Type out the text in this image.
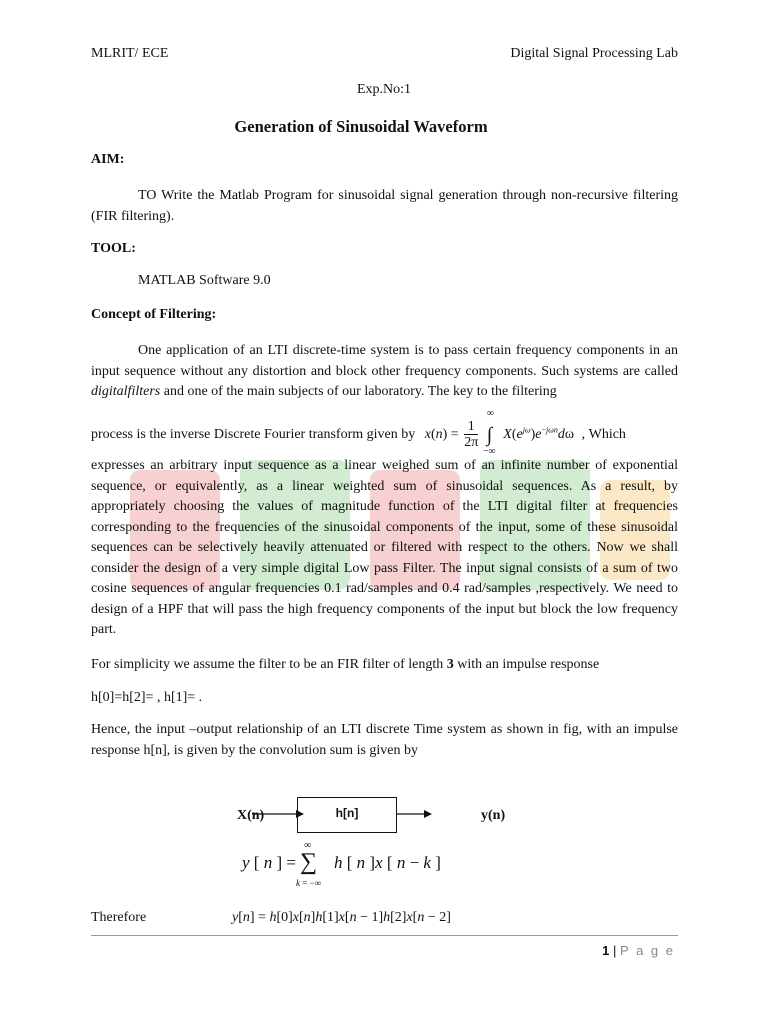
MLRIT/ ECE	Digital Signal Processing Lab
Exp.No:1
Generation of Sinusoidal Waveform
AIM:
TO Write the Matlab Program for sinusoidal signal generation through non-recursive filtering (FIR filtering).
TOOL:
MATLAB Software 9.0
Concept of Filtering:
One application of an LTI discrete-time system is to pass certain frequency components in an input sequence without any distortion and block other frequency components. Such systems are called digitalfilters and one of the main subjects of our laboratory. The key to the filtering
process is the inverse Discrete Fourier transform given by $x(n) = \frac{1}{2\pi}$ ∫
∞
−∞
$X(e^{j\omega})e^{-j\omega n}d\omega$ , Which
expresses an arbitrary input sequence as a linear weighed sum of an infinite number of exponential sequence, or equivalently, as a linear weighted sum of sinusoidal sequences. As a result, by appropriately choosing the values of magnitude function of the LTI digital filter at frequencies corresponding to the frequencies of the sinusoidal components of the input, some of these sinusoidal sequences can be selectively heavily attenuated or filtered with respect to the others. Now we shall consider the design of a very simple digital Low pass Filter. The input signal consists of a sum of two cosine sequences of angular frequencies 0.1 rad/samples and 0.4 rad/samples ,respectively. We need to design of a HPF that will pass the high frequency components of the input but block the low frequency part.
For simplicity we assume the filter to be an FIR filter of length 3 with an impulse response
h[0]=h[2]= , h[1]= .
Hence, the input –output relationship of an LTI discrete Time system as shown in fig, with an impulse response h[n], is given by the convolution sum is given by
X(n)	h[n]	y(n)
y [ n ] =
∞
∑
k = −∞
h [ n ]x [ n − k ]
Therefore	y[n] = h[0]x[n]h[1]x[n − 1]h[2]x[n − 2]
1 | P a g e
